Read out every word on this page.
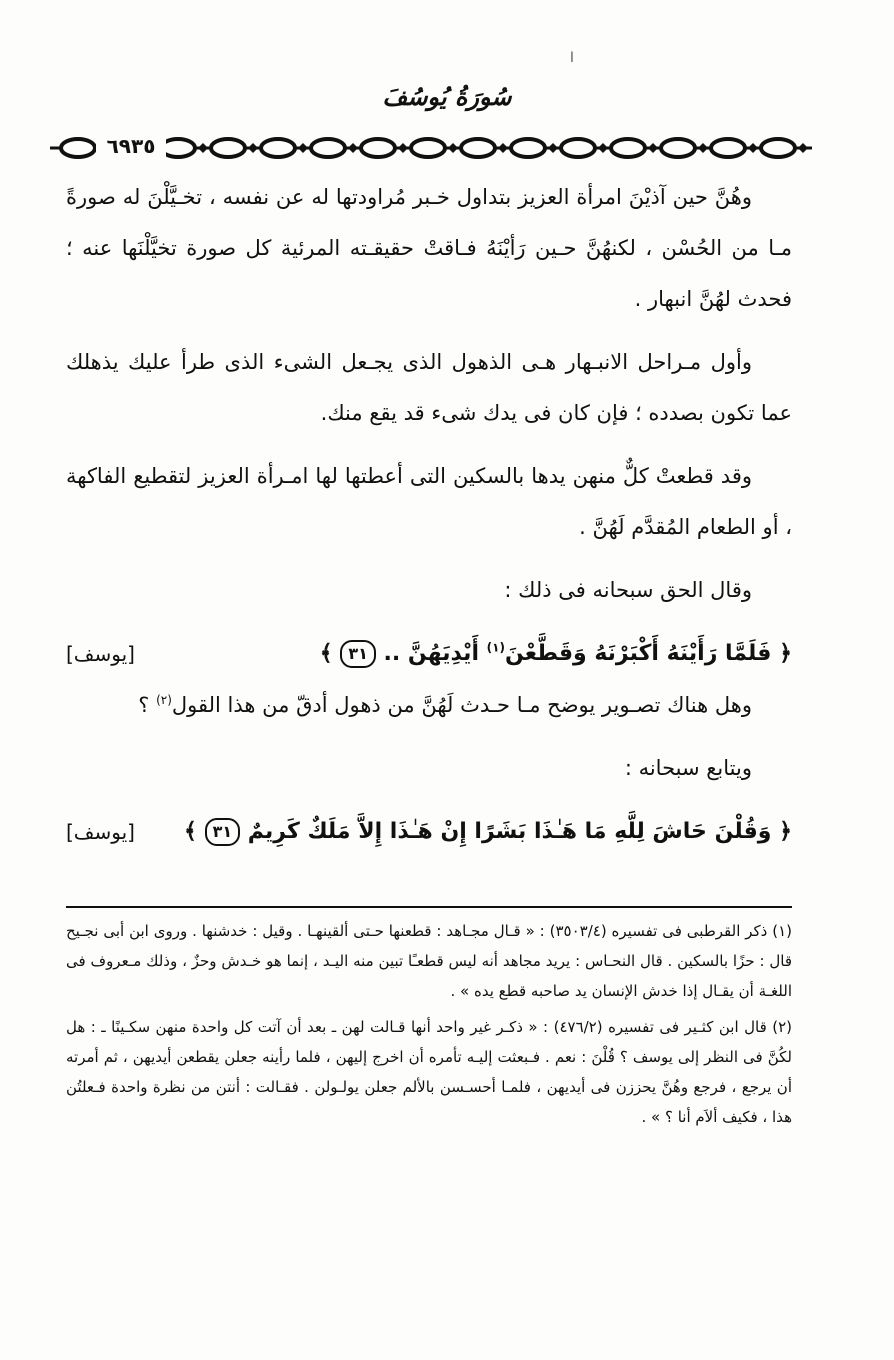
ا
سُورَةُ يُوسُفَ
٦٩٣٥

وهُنَّ حين آذيْنَ امرأة العزيز بتداول خـبر مُراودتها له عن نفسه ، تخـيَّلْنَ له صورةً مـا من الحُسْن ، لكنهُنَّ حـين رَأيْنَهُ فـاقتْ حقيقـته المرئية كل صورة تخيَّلْنَها عنه ؛ فحدث لهُنَّ انبهار .

وأول مـراحل الانبـهار هـى الذهول الذى يجـعل الشىء الذى طرأ عليك يذهلك عما تكون بصدده ؛ فإن كان فى يدك شىء قد يقع منك.

وقد قطعتْ كلٌّ منهن يدها بالسكين التى أعطتها لها امـرأة العزيز لتقطيع الفاكهة ، أو الطعام المُقدَّم لَهُنَّ .

وقال الحق سبحانه فى ذلك :

﴿ فَلَمَّا رَأَيْنَهُ أَكْبَرْنَهُ وَقَطَّعْنَ$^{(١)}$ أَيْدِيَهُنَّ .. ٣١ ﴾
[يوسف]

وهل هناك تصـوير يوضح مـا حـدث لَهُنَّ من ذهول أدقّ من هذا القول$^{(٢)}$ ؟

ويتابع سبحانه :

﴿ وَقُلْنَ حَاشَ لِلَّهِ مَا هَـٰذَا بَشَرًا إِنْ هَـٰذَا إِلاَّ مَلَكٌ كَرِيمٌ ٣١ ﴾
[يوسف]

(١) ذكر القرطبى فى تفسيره (٣٥٠٣/٤) : « قـال مجـاهد : قطعنها حـتى ألقينهـا . وقيل : خدشنها . وروى ابن أبى نجـيح قال : حزًا بالسكين . قال النحـاس : يريد مجاهد أنه ليس قطعـًا تبين منه اليـد ، إنما هو خـدش وحزٌ ، وذلك مـعروف فى اللغـة أن يقـال إذا خدش الإنسان يد صاحبه قطع يده » .

(٢) قال ابن كثـير فى تفسيره (٤٧٦/٢) : « ذكـر غير واحد أنها قـالت لهن ـ بعد أن آتت كل واحدة منهن سكـينًا ـ : هل لكُنَّ فى النظر إلى يوسف ؟ قُلْنَ : نعم . فـبعثت إليـه تأمره أن اخرج إليهن ، فلما رأينه جعلن يقطعن أيديهن ، ثم أمرته أن يرجع ، فرجع وهُنَّ يحززن فى أيديهن ، فلمـا أحسـسن بالألم جعلن يولـولن . فقـالت : أنتن من نظرة واحدة فـعلتُن هذا ، فكيف ألاَم أنا ؟ » .
